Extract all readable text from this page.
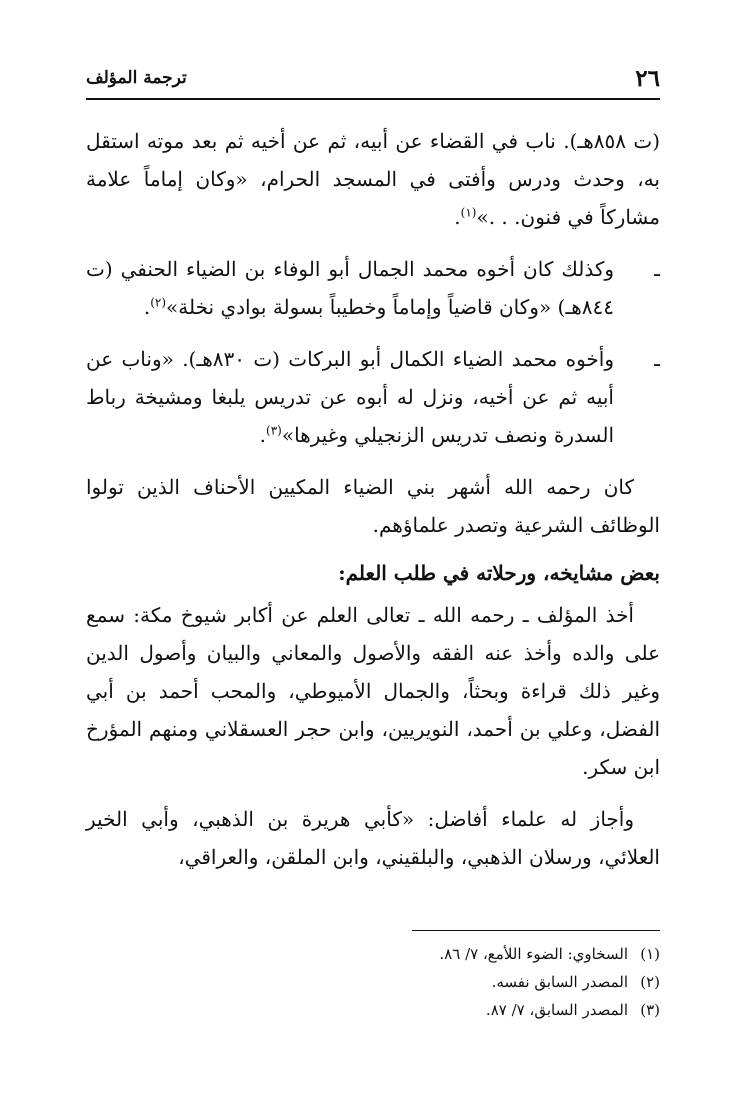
٢٦
ترجمة المؤلف

(ت ٨٥٨هـ). ناب في القضاء عن أبيه، ثم عن أخيه ثم بعد موته استقل به، وحدث ودرس وأفتى في المسجد الحرام، «وكان إماماً علامة مشاركاً في فنون. . .»$^{(١)}$.

ـ
وكذلك كان أخوه محمد الجمال أبو الوفاء بن الضياء الحنفي (ت ٨٤٤هـ) «وكان قاضياً وإماماً وخطيباً بسولة بوادي نخلة»$^{(٢)}$.
ـ
وأخوه محمد الضياء الكمال أبو البركات (ت ٨٣٠هـ). «وناب عن أبيه ثم عن أخيه، ونزل له أبوه عن تدريس يلبغا ومشيخة رباط السدرة ونصف تدريس الزنجيلي وغيرها»$^{(٣)}$.

كان رحمه الله أشهر بني الضياء المكيين الأحناف الذين تولوا الوظائف الشرعية وتصدر علماؤهم.

بعض مشايخه، ورحلاته في طلب العلم:

أخذ المؤلف ـ رحمه الله ـ تعالى العلم عن أكابر شيوخ مكة: سمع على والده وأخذ عنه الفقه والأصول والمعاني والبيان وأصول الدين وغير ذلك قراءة وبحثاً، والجمال الأميوطي، والمحب أحمد بن أبي الفضل، وعلي بن أحمد، النويريين، وابن حجر العسقلاني ومنهم المؤرخ ابن سكر.

وأجاز له علماء أفاضل: «كأبي هريرة بن الذهبي، وأبي الخير العلائي، ورسلان الذهبي، والبلقيني، وابن الملقن، والعراقي،

(١)
السخاوي: الضوء اللأمع، ٧/ ٨٦.
(٢)
المصدر السابق نفسه.
(٣)
المصدر السابق، ٧/ ٨٧.
